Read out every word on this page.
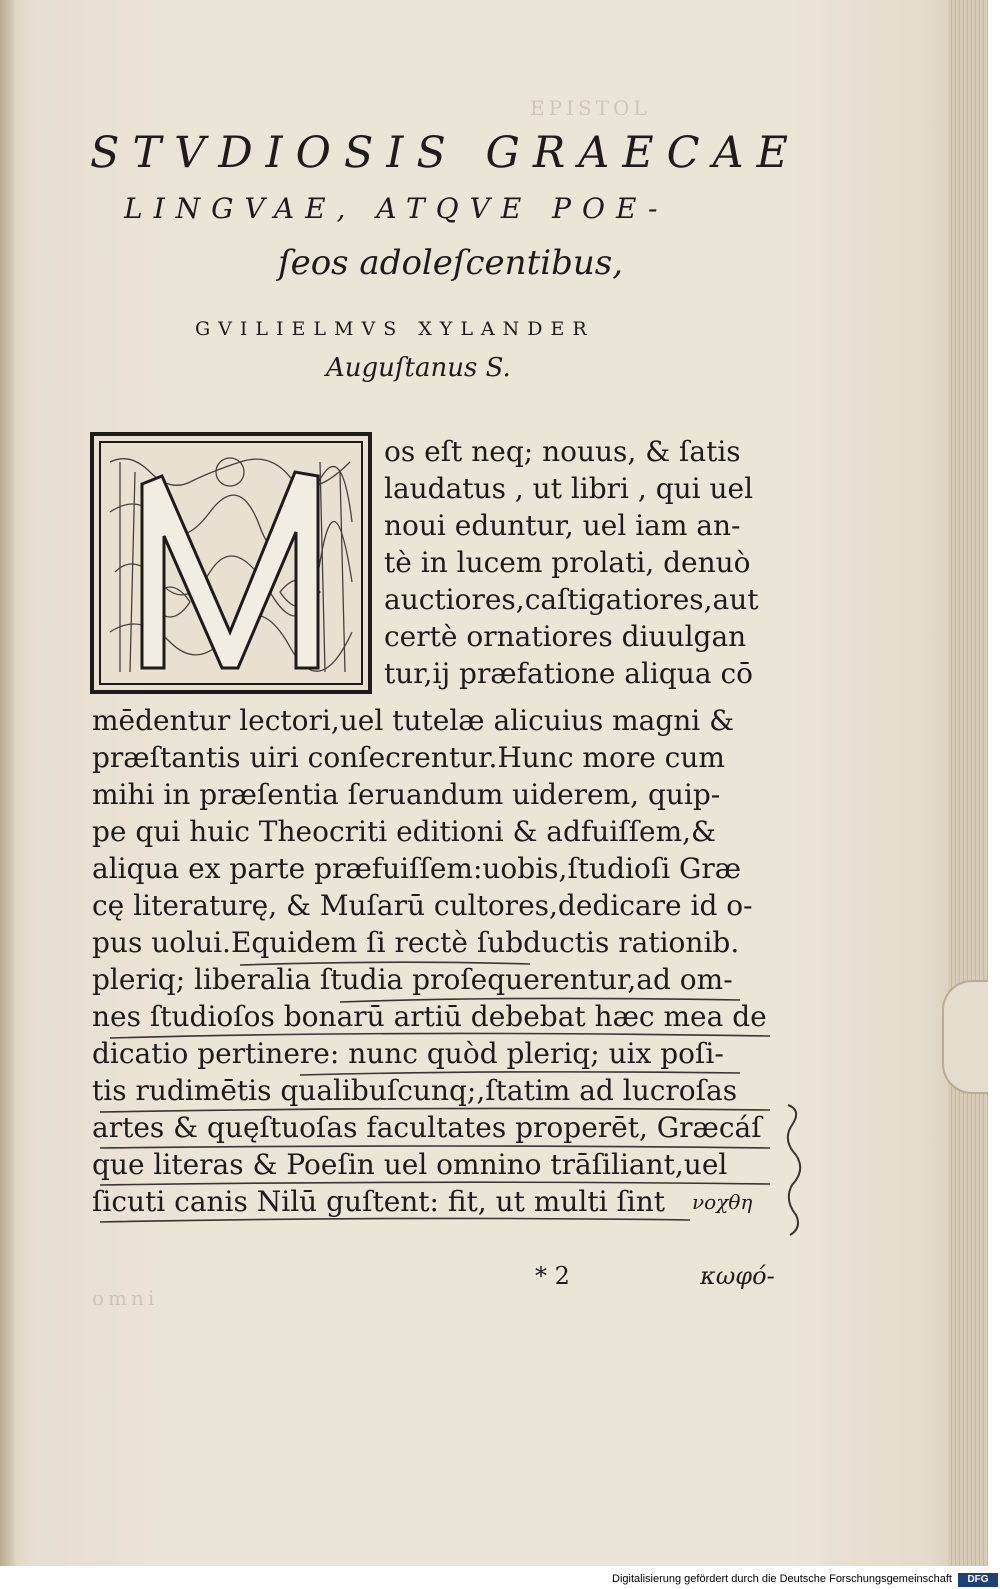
EPISTOL
omni
STVDIOSIS GRAECAE
LINGVAE, ATQVE POE-
ſeos adoleſcentibus,
GVILIELMVS XYLANDER
Auguſtanus S.
os eſt neq; nouus, & ſatis
laudatus , ut libri , qui uel
noui eduntur, uel iam an-
tè in lucem prolati, denuò
auctiores,caſtigatiores,aut
certè ornatiores diuulgan
tur,ij præfatione aliqua cō
mēdentur lectori,uel tutelæ alicuius magni &
præſtantis uiri conſecrentur.Hunc more cum
mihi in præſentia ſeruandum uiderem, quip-
pe qui huic Theocriti editioni & adfuiſſem,&
aliqua ex parte præfuiſſem:uobis,ſtudioſi Græ
cę literaturę, & Muſarū cultores,dedicare id o-
pus uolui.Equidem ſi rectè ſubductis rationib.
pleriq; liberalia ſtudia proſequerentur,ad om-
nes ſtudioſos bonarū artiū debebat hæc mea de
dicatio pertinere: nunc quòd pleriq; uix poſi-
tis rudimētis qualibuſcunq;,ſtatim ad lucroſas
artes & quęſtuoſas facultates properēt, Græcáſ
que literas & Poeſin uel omnino trāſiliant,uel
ſicuti canis Nilū guſtent: fit, ut multi ſint νοχθη
* 2	κωφό-
Digitalisierung gefördert durch die Deutsche Forschungsgemeinschaft	DFG
